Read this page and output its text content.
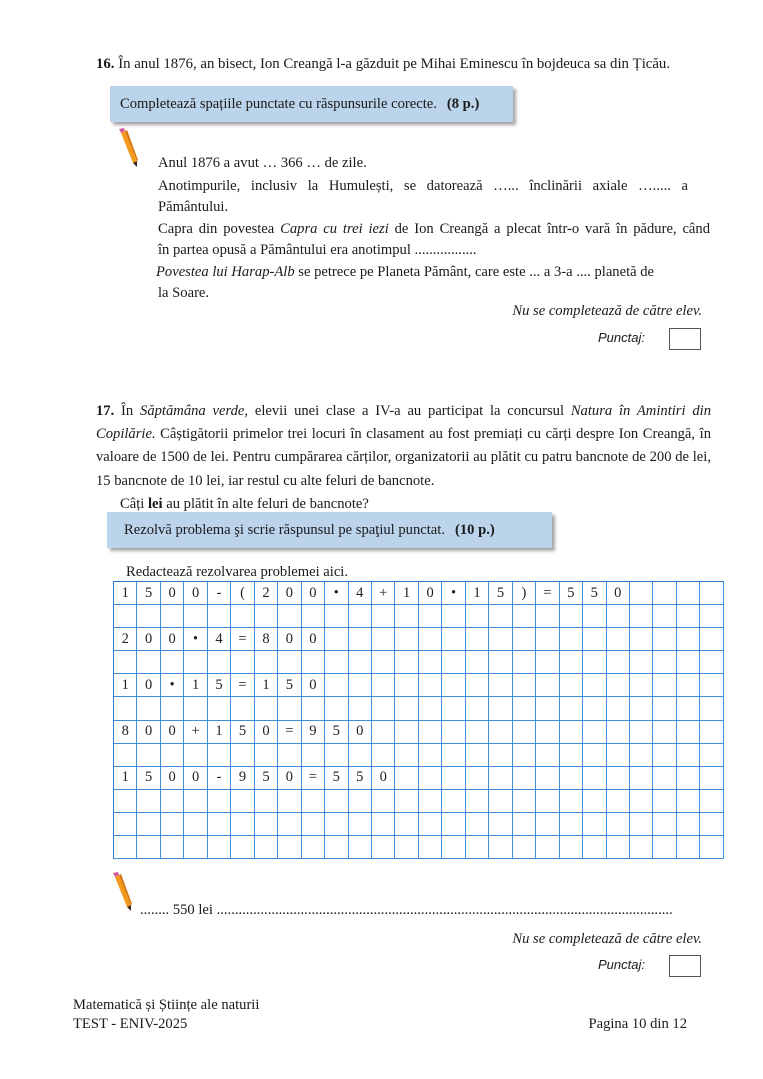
16. În anul 1876, an bisect, Ion Creangă l-a găzduit pe Mihai Eminescu în bojdeuca sa din Țicău.
Completează spațiile punctate cu răspunsurile corecte. (8 p.)
Anul 1876 a avut … 366 … de zile.
Anotimpurile, inclusiv la Humulești, se datorează …... înclinării axiale …..... a
Pământului.
Capra din povestea Capra cu trei iezi de Ion Creangă a plecat într-o vară în pădure, când
în partea opusă a Pământului era anotimpul .................
Povestea lui Harap-Alb se petrece pe Planeta Pământ, care este ... a 3-a .... planetă de
la Soare.
Nu se completează de către elev.
Punctaj:

17. În Săptămâna verde, elevii unei clase a IV-a au participat la concursul Natura în Amintiri din Copilărie. Câștigătorii primelor trei locuri în clasament au fost premiați cu cărți despre Ion Creangă, în valoare de 1500 de lei. Pentru cumpărarea cărților, organizatorii au plătit cu patru bancnote de 200 de lei, 15 bancnote de 10 lei, iar restul cu alte feluri de bancnote.

Câți lei au plătit în alte feluri de bancnote?

Rezolvă problema şi scrie răspunsul pe spaţiul punctat. (10 p.)
Redactează rezolvarea problemei aici.
1	5	0	0	-	(	2	0	0	•	4	+	1	0	•	1	5	)	=	5	5	0
2	0	0	•	4	=	8	0	0
1	0	•	1	5	=	1	5	0
8	0	0	+	1	5	0	=	9	5	0
1	5	0	0	-	9	5	0	=	5	5	0
........ 550 lei .............................................................................................................................
Nu se completează de către elev.
Punctaj:
Matematică și Științe ale naturii
TEST - ENIV-2025	Pagina 10 din 12
